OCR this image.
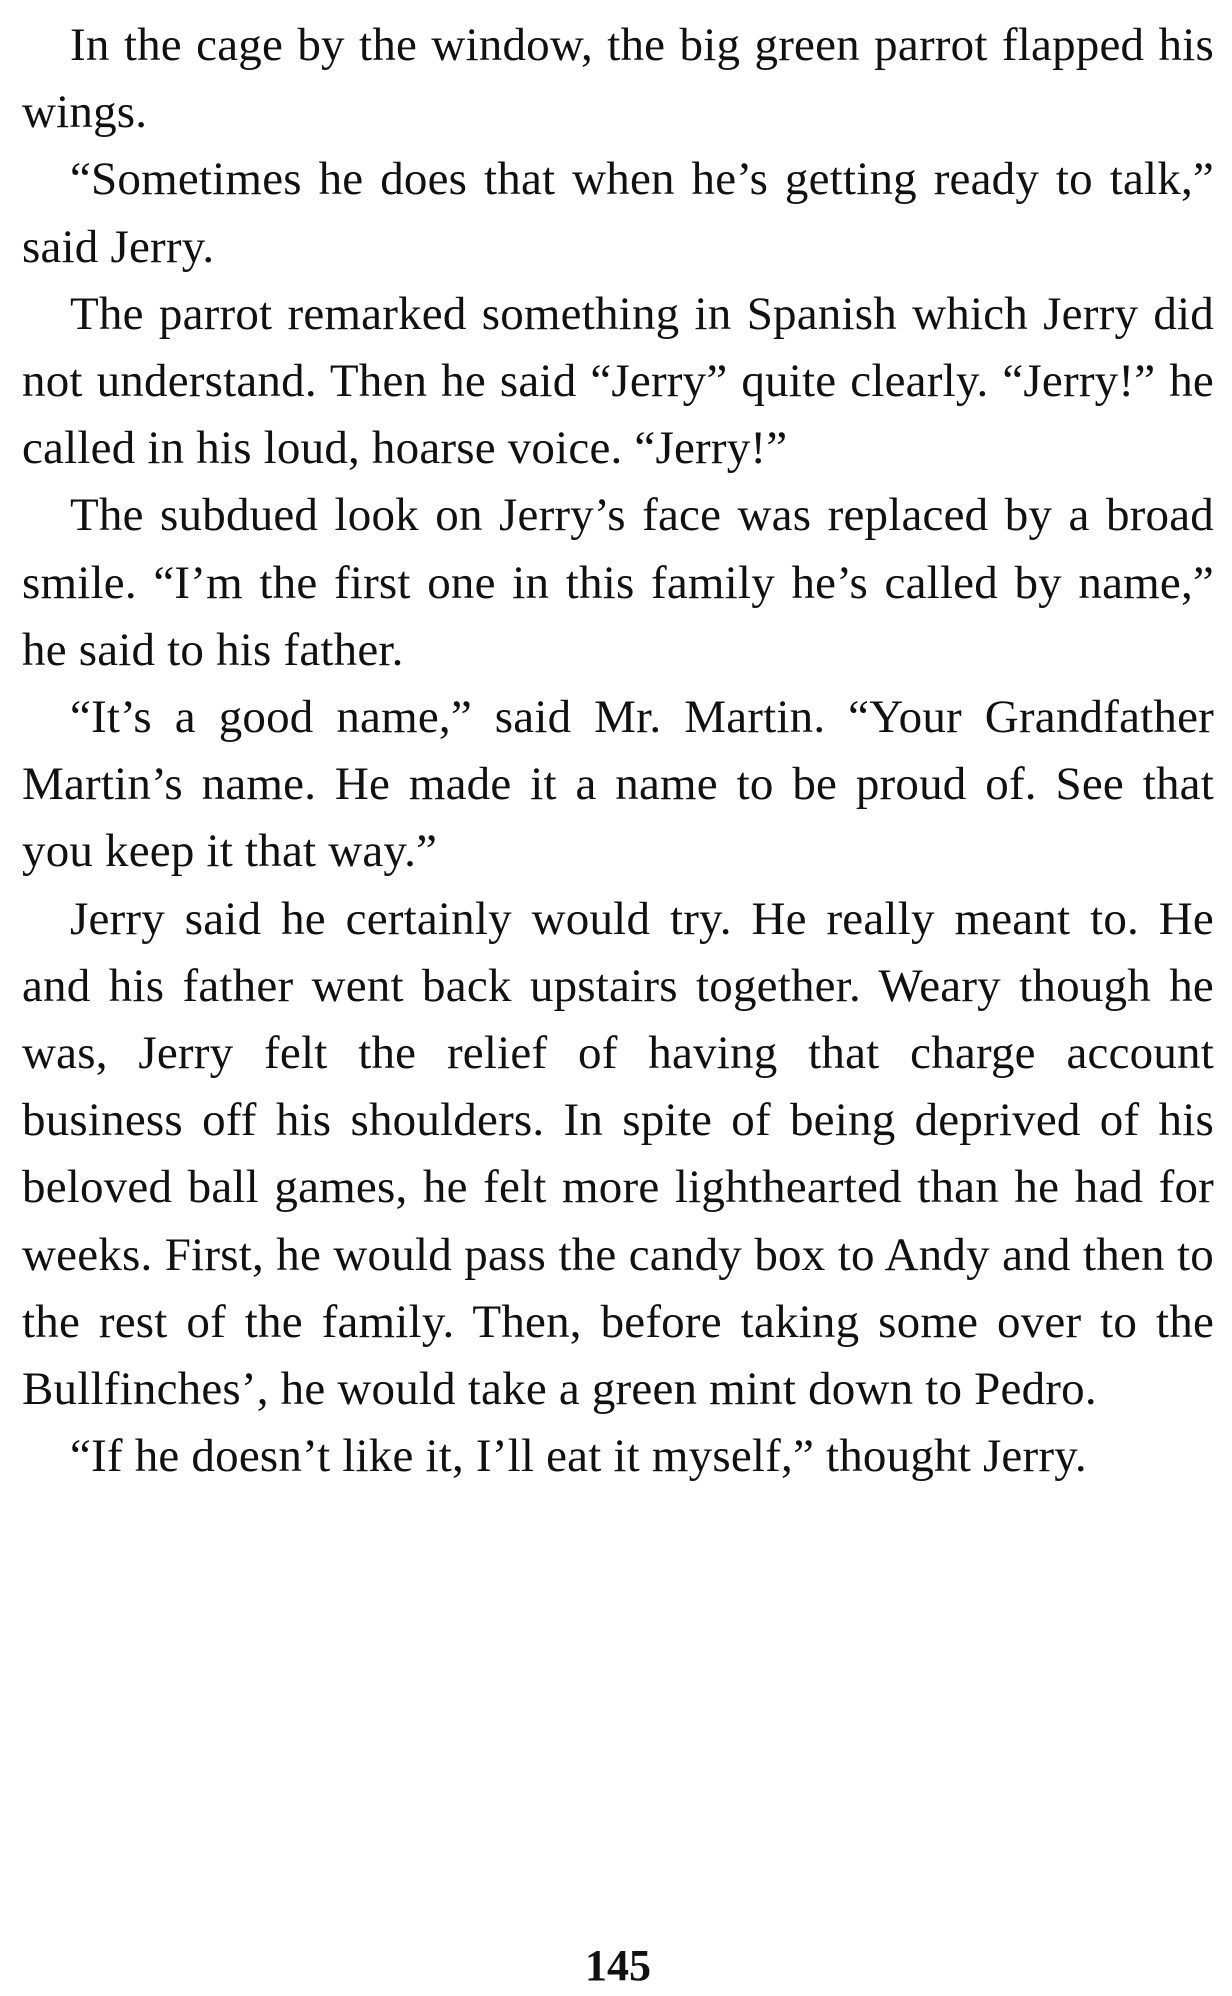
In the cage by the window, the big green parrot flapped his wings.

“Sometimes he does that when he’s getting ready to talk,” said Jerry.

The parrot remarked something in Spanish which Jerry did not understand. Then he said “Jerry” quite clearly. “Jerry!” he called in his loud, hoarse voice. “Jerry!”

The subdued look on Jerry’s face was replaced by a broad smile. “I’m the first one in this family he’s called by name,” he said to his father.

“It’s a good name,” said Mr. Martin. “Your Grandfather Martin’s name. He made it a name to be proud of. See that you keep it that way.”

Jerry said he certainly would try. He really meant to. He and his father went back upstairs together. Weary though he was, Jerry felt the relief of having that charge account business off his shoulders. In spite of being deprived of his beloved ball games, he felt more lighthearted than he had for weeks. First, he would pass the candy box to Andy and then to the rest of the family. Then, before taking some over to the Bullfinches’, he would take a green mint down to Pedro.

“If he doesn’t like it, I’ll eat it myself,” thought Jerry.

145
